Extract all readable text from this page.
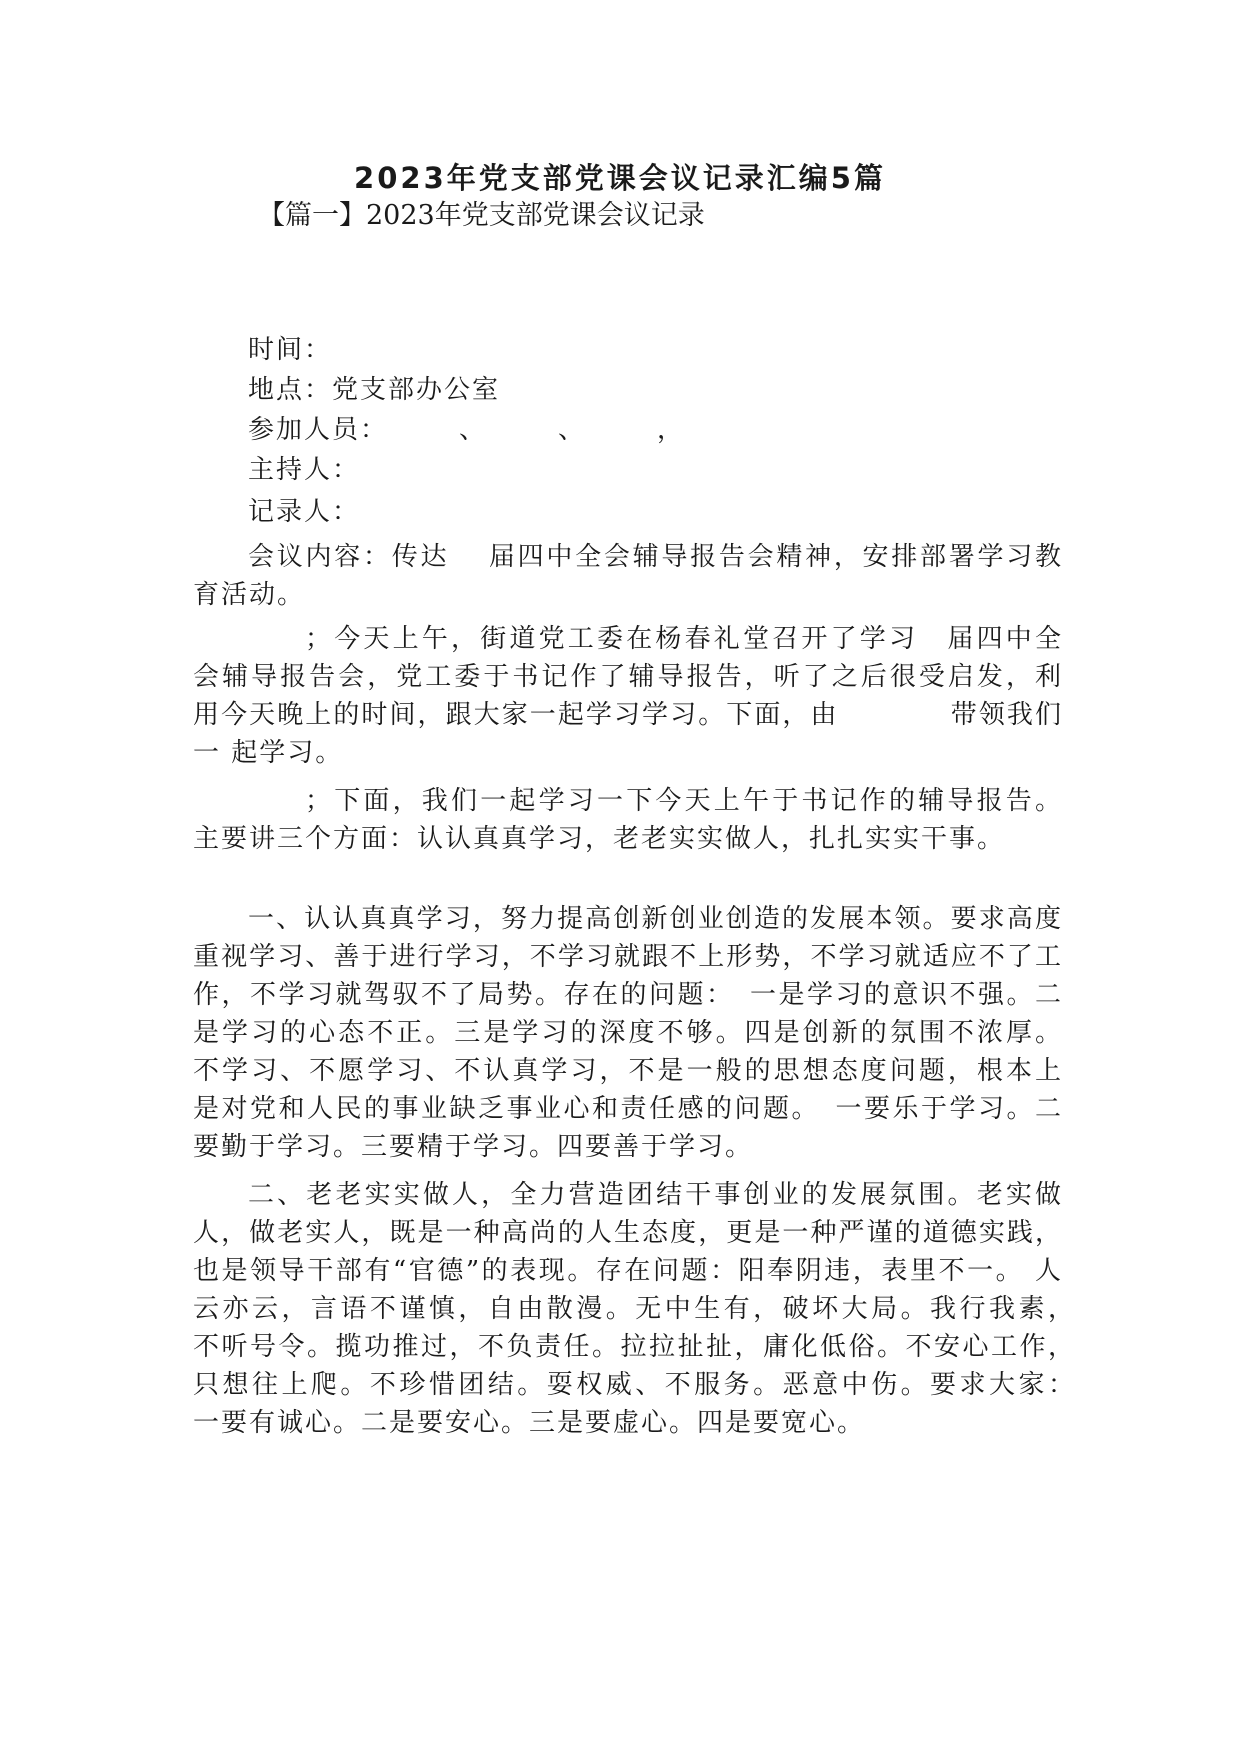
2023年党支部党课会议记录汇编5篇

【篇一】2023年党支部党课会议记录

时间：

地点：党支部办公室

参加人员：　　　、　　　、　　　，

主持人：

记录人：

会议内容：传达　 届四中全会辅导报告会精神，安排部署学习教 育活动。

；今天上午，街道党工委在杨春礼堂召开了学习　届四中全 会辅导报告会，党工委于书记作了辅导报告，听了之后很受启发，利 用今天晚上的时间，跟大家一起学习学习。下面，由　　　　带领我们一 起学习。

；下面，我们一起学习一下今天上午于书记作的辅导报告。 主要讲三个方面：认认真真学习，老老实实做人，扎扎实实干事。

一、认认真真学习，努力提高创新创业创造的发展本领。要求高度重视学习、善于进行学习，不学习就跟不上形势，不学习就适应不了工作，不学习就驾驭不了局势。存在的问题：　一是学习的意识不强。二是学习的心态不正。三是学习的深度不够。四是创新的氛围不浓厚。 不学习、不愿学习、不认真学习，不是一般的思想态度问题，根本上　是对党和人民的事业缺乏事业心和责任感的问题。　一要乐于学习。二 要勤于学习。三要精于学习。四要善于学习。

二、老老实实做人，全力营造团结干事创业的发展氛围。老实做人，做老实人，既是一种高尚的人生态度，更是一种严谨的道德实践，也是领导干部有“官德”的表现。存在问题：阳奉阴违，表里不一。 人云亦云，言语不谨慎，自由散漫。无中生有，破坏大局。我行我素，　不听号令。揽功推过，不负责任。拉拉扯扯，庸化低俗。不安心工作，　只想往上爬。不珍惜团结。耍权威、不服务。恶意中伤。要求大家：　一要有诚心。二是要安心。三是要虚心。四是要宽心。
